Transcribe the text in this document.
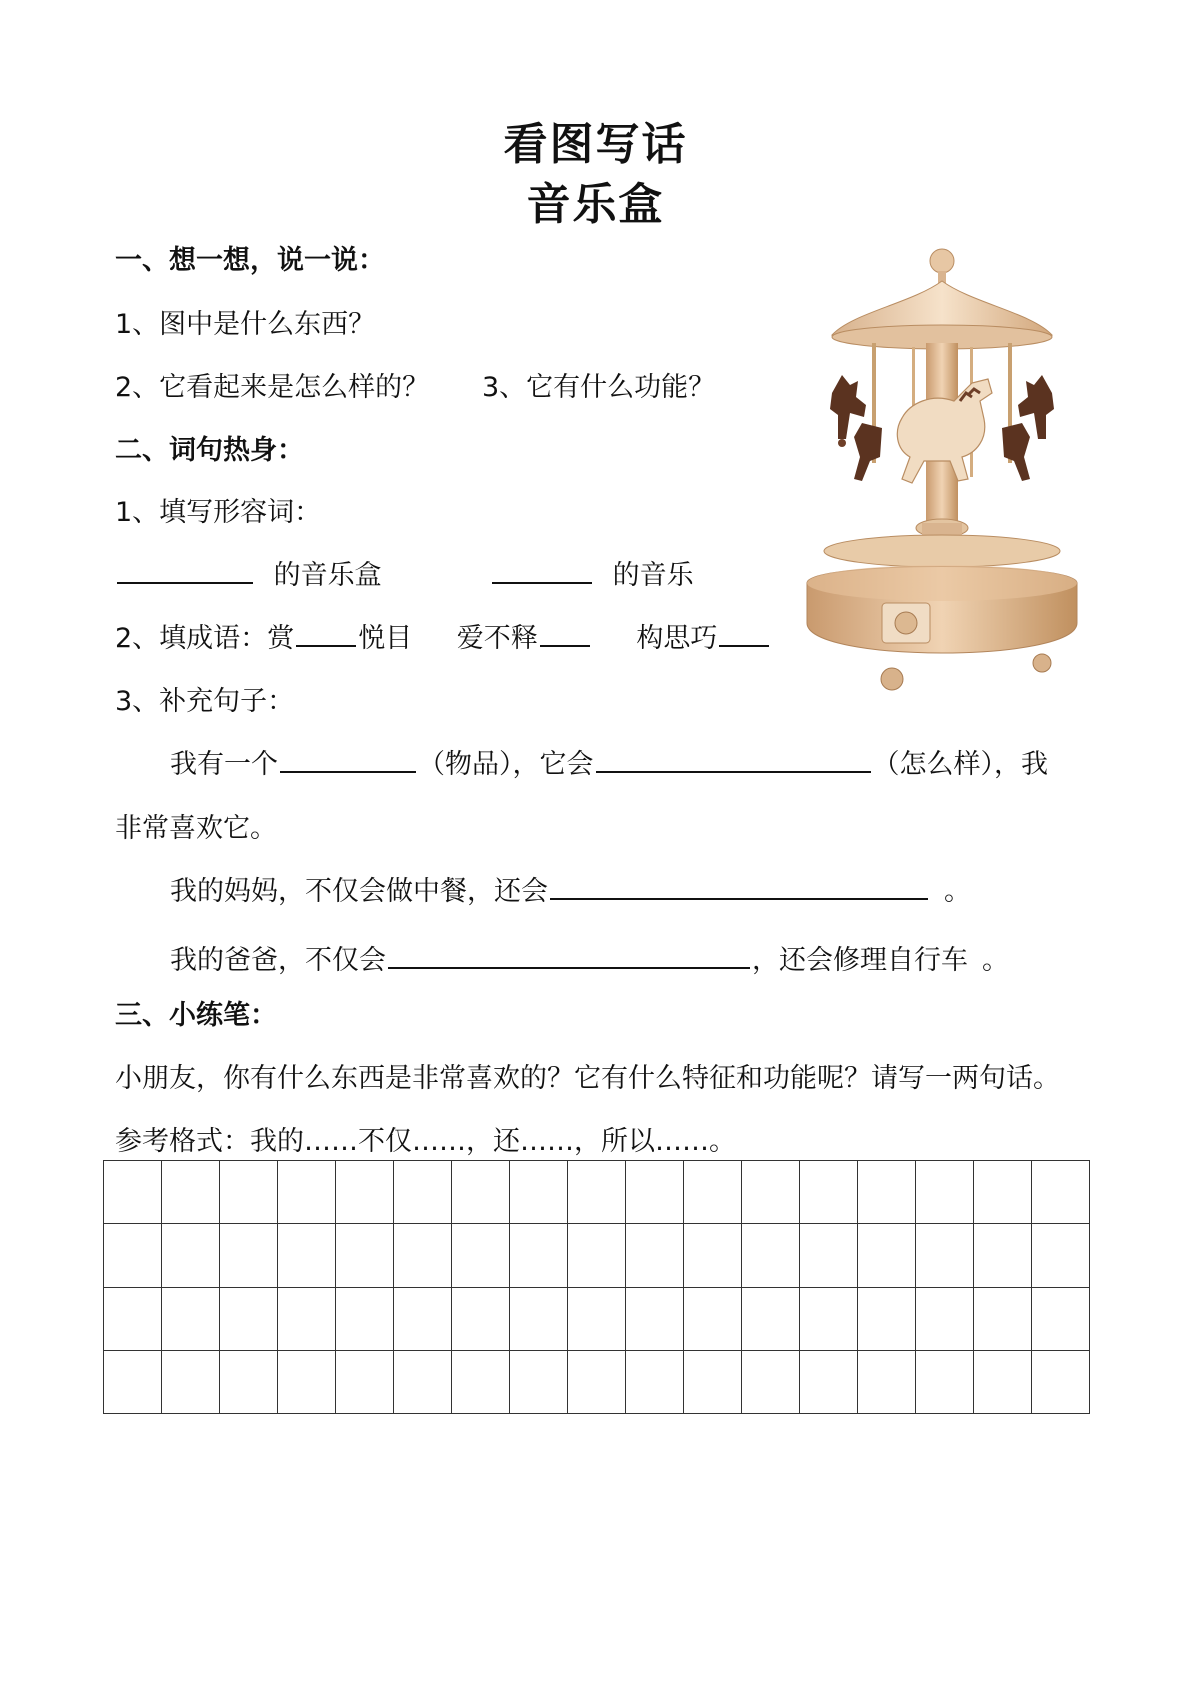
看图写话
音乐盒
一、想一想，说一说：
1、图中是什么东西？
2、它看起来是怎么样的？ 3、它有什么功能？
二、词句热身：
1、填写形容词：
的音乐盒	的音乐
2、填成语：赏 悦目 爱不释	构思巧
3、补充句子：
我有一个	（物品），它会	（怎么样），我
非常喜欢它。
我的妈妈，不仅会做中餐，还会	。
我的爸爸，不仅会	，还会修理自行车 。
三、小练笔：
小朋友，你有什么东西是非常喜欢的？它有什么特征和功能呢？请写一两句话。
参考格式：我的……不仅……，还……，所以……。
